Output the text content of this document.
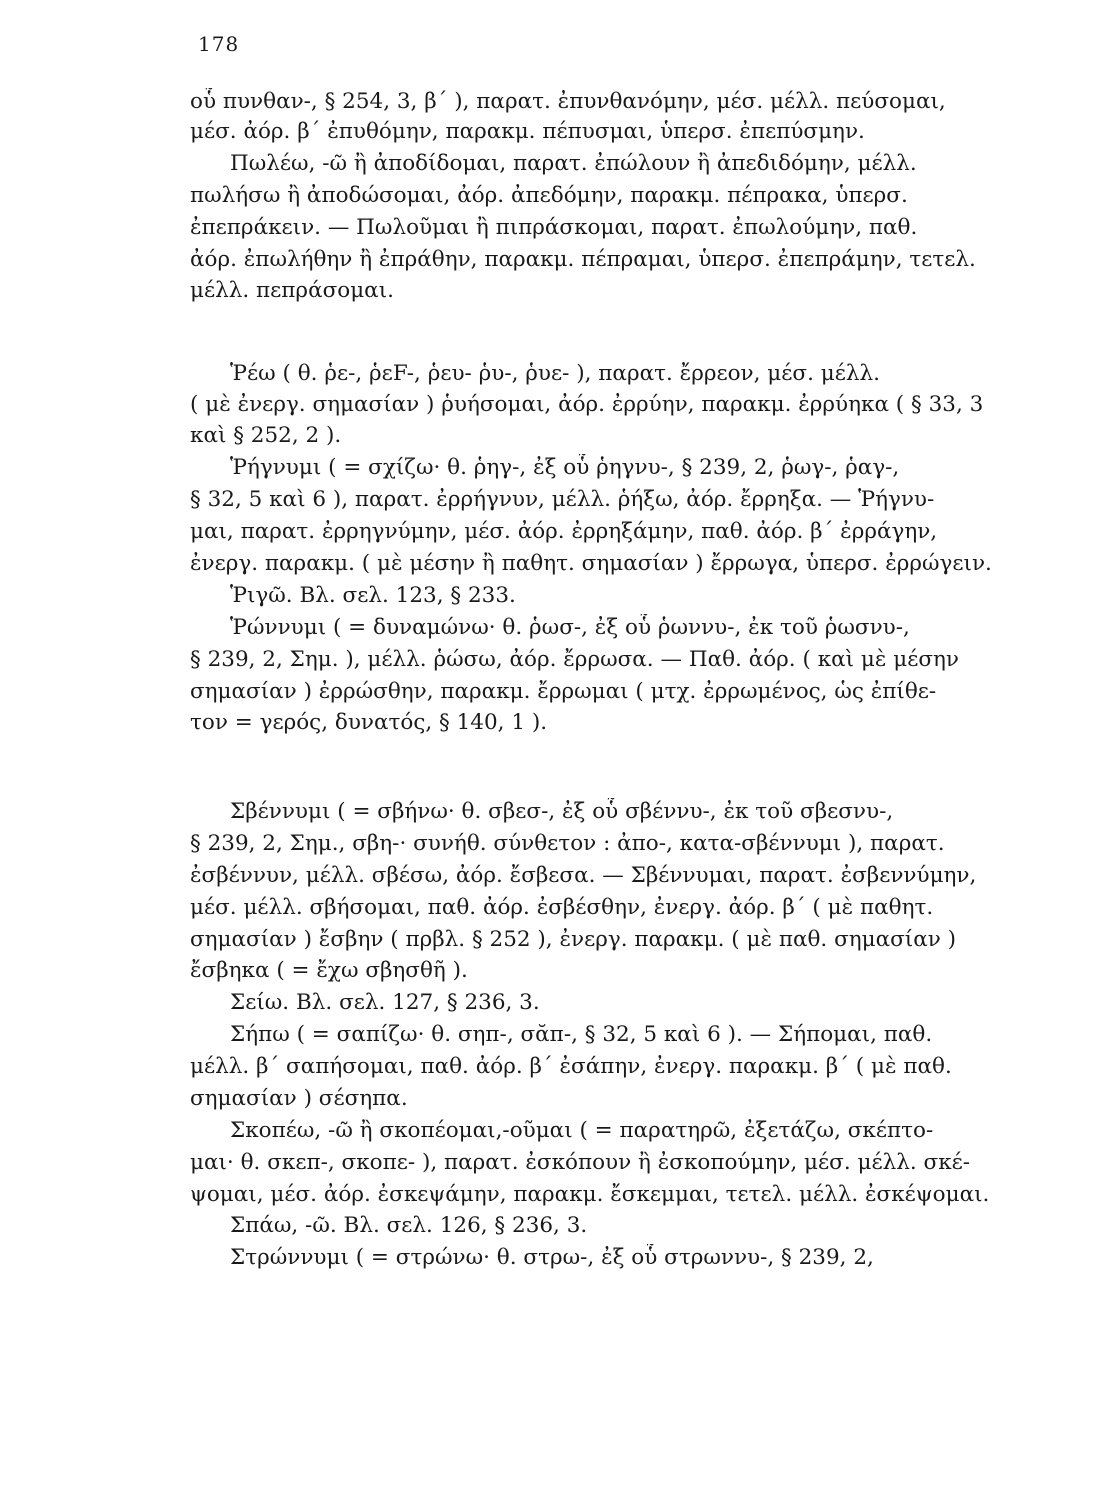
178
οὗ πυνθαν-, § 254, 3, β΄ ), παρατ. ἐπυνθανόμην, μέσ. μέλλ. πεύσομαι,
μέσ. ἀόρ. β΄ ἐπυθόμην, παρακμ. πέπυσμαι, ὑπερσ. ἐπεπύσμην.
Πωλέω, -ῶ ἢ ἀποδίδομαι, παρατ. ἐπώλουν ἢ ἀπεδιδόμην, μέλλ.
πωλήσω ἢ ἀποδώσομαι, ἀόρ. ἀπεδόμην, παρακμ. πέπρακα, ὑπερσ.
ἐπεπράκειν. — Πωλοῦμαι ἢ πιπράσκομαι, παρατ. ἐπωλούμην, παθ.
ἀόρ. ἐπωλήθην ἢ ἐπράθην, παρακμ. πέπραμαι, ὑπερσ. ἐπεπράμην, τετελ.
μέλλ. πεπράσομαι.
Ῥέω ( θ. ῥε-, ῥεF-, ῥευ- ῥυ-, ῥυε- ), παρατ. ἔρρεον, μέσ. μέλλ.
( μὲ ἐνεργ. σημασίαν ) ῥυήσομαι, ἀόρ. ἐρρύην, παρακμ. ἐρρύηκα ( § 33, 3
καὶ § 252, 2 ).
Ῥήγνυμι ( = σχίζω· θ. ῥηγ-, ἐξ οὗ ῥηγνυ-, § 239, 2, ῥωγ-, ῥαγ-,
§ 32, 5 καὶ 6 ), παρατ. ἐρρήγνυν, μέλλ. ῥήξω, ἀόρ. ἔρρηξα. — Ῥήγνυ-
μαι, παρατ. ἐρρηγνύμην, μέσ. ἀόρ. ἐρρηξάμην, παθ. ἀόρ. β΄ ἐρράγην,
ἐνεργ. παρακμ. ( μὲ μέσην ἢ παθητ. σημασίαν ) ἔρρωγα, ὑπερσ. ἐρρώγειν.
Ῥιγῶ. Βλ. σελ. 123, § 233.
Ῥώννυμι ( = δυναμώνω· θ. ῥωσ-, ἐξ οὗ ῥωννυ-, ἐκ τοῦ ῥωσνυ-,
§ 239, 2, Σημ. ), μέλλ. ῥώσω, ἀόρ. ἔρρωσα. — Παθ. ἀόρ. ( καὶ μὲ μέσην
σημασίαν ) ἐρρώσθην, παρακμ. ἔρρωμαι ( μτχ. ἐρρωμένος, ὡς ἐπίθε-
τον = γερός, δυνατός, § 140, 1 ).
Σβέννυμι ( = σβήνω· θ. σβεσ-, ἐξ οὗ σβέννυ-, ἐκ τοῦ σβεσνυ-,
§ 239, 2, Σημ., σβη-· συνήθ. σύνθετον : ἀπο-, κατα-σβέννυμι ), παρατ.
ἐσβέννυν, μέλλ. σβέσω, ἀόρ. ἔσβεσα. — Σβέννυμαι, παρατ. ἐσβεννύμην,
μέσ. μέλλ. σβήσομαι, παθ. ἀόρ. ἐσβέσθην, ἐνεργ. ἀόρ. β΄ ( μὲ παθητ.
σημασίαν ) ἔσβην ( πρβλ. § 252 ), ἐνεργ. παρακμ. ( μὲ παθ. σημασίαν )
ἔσβηκα ( = ἔχω σβησθῆ ).
Σείω. Βλ. σελ. 127, § 236, 3.
Σήπω ( = σαπίζω· θ. σηπ-, σᾰπ-, § 32, 5 καὶ 6 ). — Σήπομαι, παθ.
μέλλ. β΄ σαπήσομαι, παθ. ἀόρ. β΄ ἐσάπην, ἐνεργ. παρακμ. β΄ ( μὲ παθ.
σημασίαν ) σέσηπα.
Σκοπέω, -ῶ ἢ σκοπέομαι,-οῦμαι ( = παρατηρῶ, ἐξετάζω, σκέπτο-
μαι· θ. σκεπ-, σκοπε- ), παρατ. ἐσκόπουν ἢ ἐσκοπούμην, μέσ. μέλλ. σκέ-
ψομαι, μέσ. ἀόρ. ἐσκεψάμην, παρακμ. ἔσκεμμαι, τετελ. μέλλ. ἐσκέψομαι.
Σπάω, -ῶ. Βλ. σελ. 126, § 236, 3.
Στρώννυμι ( = στρώνω· θ. στρω-, ἐξ οὗ στρωννυ-, § 239, 2,
